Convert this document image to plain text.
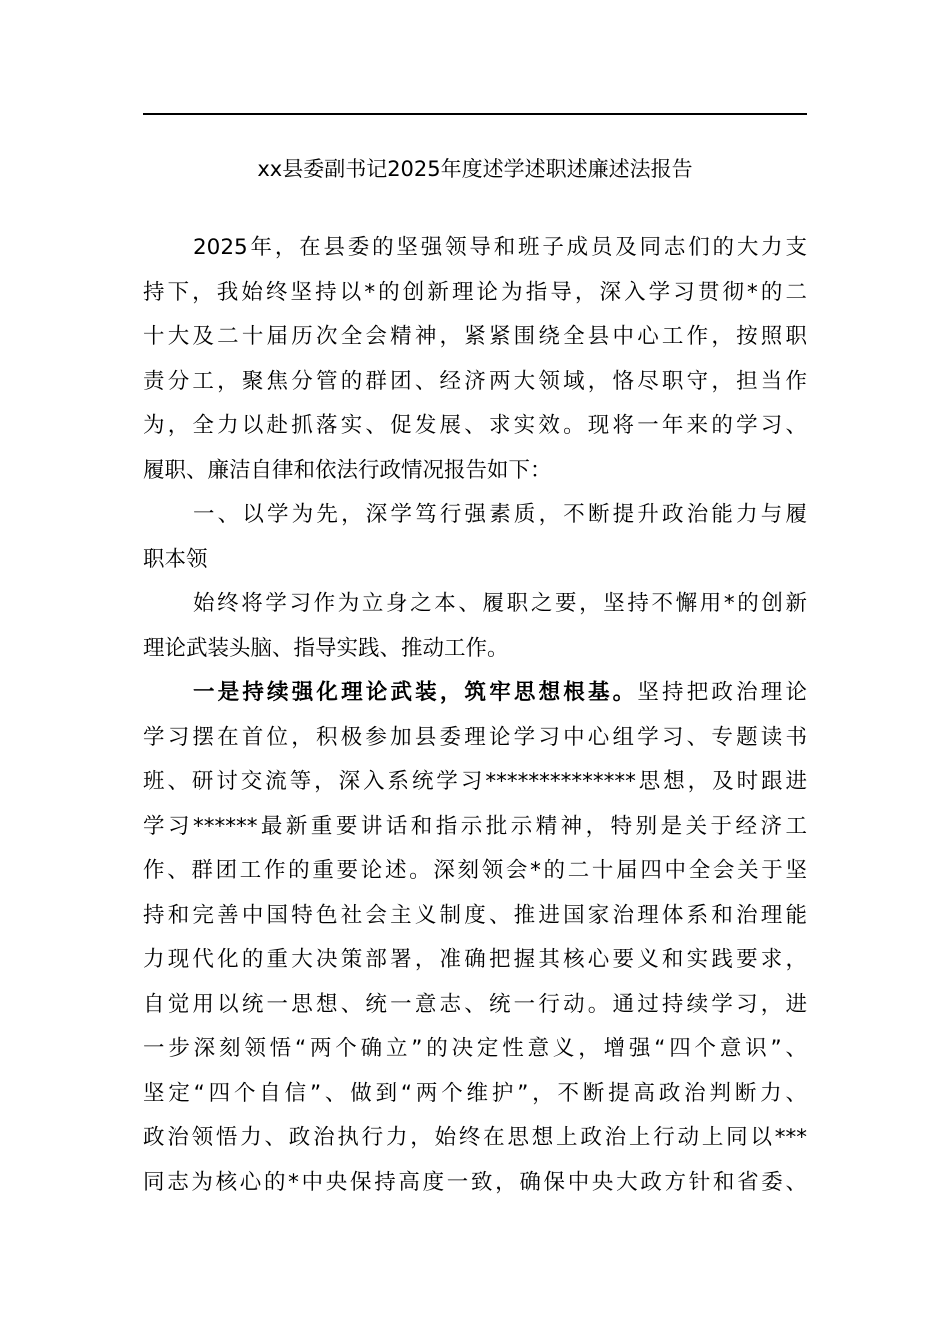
xx县委副书记2025年度述学述职述廉述法报告
2025年，在县委的坚强领导和班子成员及同志们的大力支
持下，我始终坚持以*的创新理论为指导，深入学习贯彻*的二
十大及二十届历次全会精神，紧紧围绕全县中心工作，按照职
责分工，聚焦分管的群团、经济两大领域，恪尽职守，担当作
为，全力以赴抓落实、促发展、求实效。现将一年来的学习、
履职、廉洁自律和依法行政情况报告如下：
一、以学为先，深学笃行强素质，不断提升政治能力与履
职本领
始终将学习作为立身之本、履职之要，坚持不懈用*的创新
理论武装头脑、指导实践、推动工作。
一是持续强化理论武装，筑牢思想根基。坚持把政治理论
学习摆在首位，积极参加县委理论学习中心组学习、专题读书
班、研讨交流等，深入系统学习**************思想，及时跟进
学习******最新重要讲话和指示批示精神，特别是关于经济工
作、群团工作的重要论述。深刻领会*的二十届四中全会关于坚
持和完善中国特色社会主义制度、推进国家治理体系和治理能
力现代化的重大决策部署，准确把握其核心要义和实践要求，
自觉用以统一思想、统一意志、统一行动。通过持续学习，进
一步深刻领悟“两个确立”的决定性意义，增强“四个意识”、
坚定“四个自信”、做到“两个维护”，不断提高政治判断力、
政治领悟力、政治执行力，始终在思想上政治上行动上同以***
同志为核心的*中央保持高度一致，确保中央大政方针和省委、
